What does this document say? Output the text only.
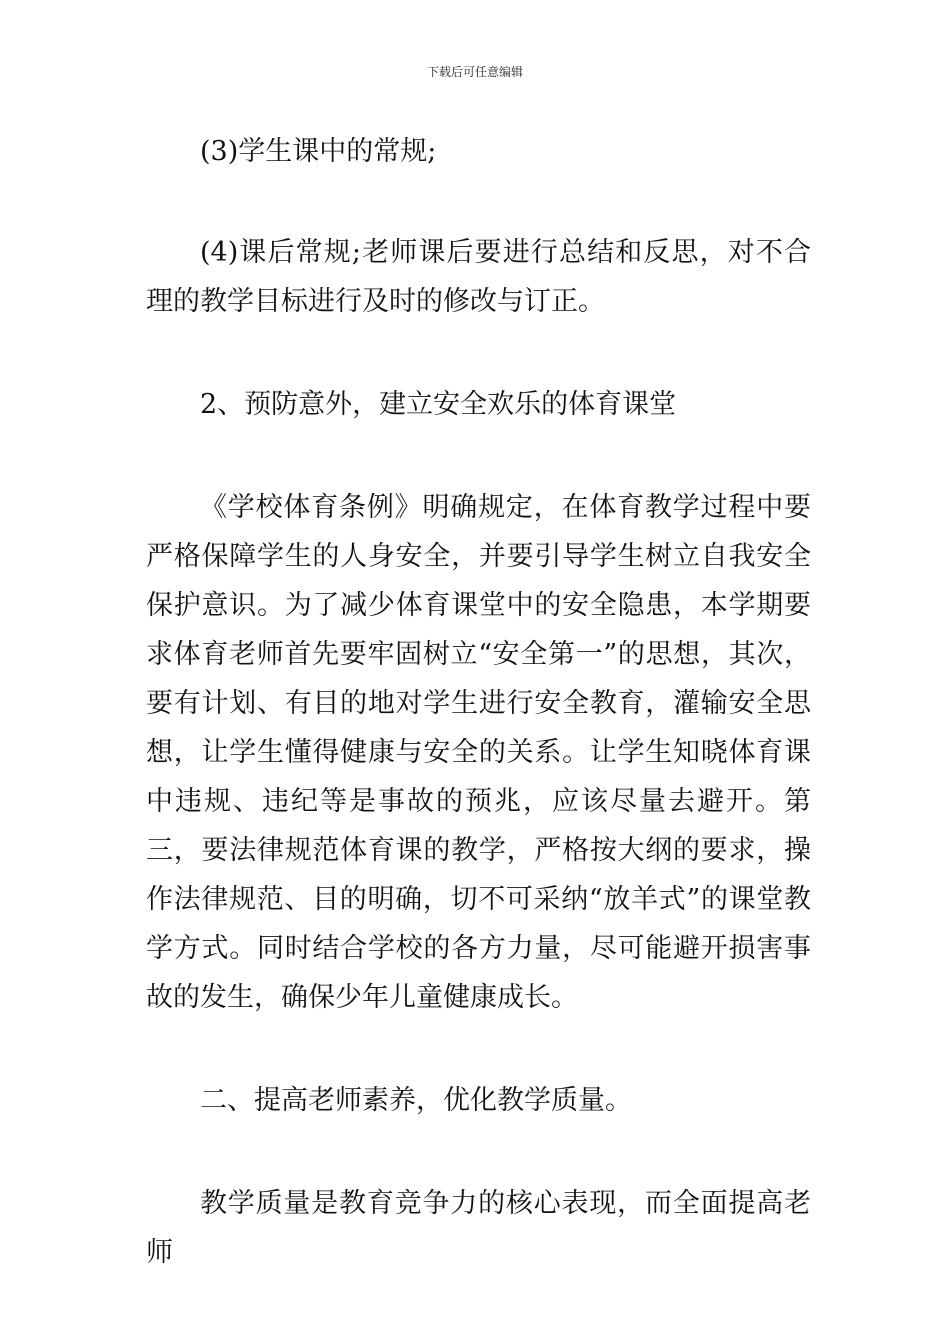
下载后可任意编辑

(3)学生课中的常规;

(4)课后常规;老师课后要进行总结和反思，对不合理的教学目标进行及时的修改与订正。

2、预防意外，建立安全欢乐的体育课堂

《学校体育条例》明确规定，在体育教学过程中要严格保障学生的人身安全，并要引导学生树立自我安全保护意识。为了减少体育课堂中的安全隐患，本学期要求体育老师首先要牢固树立“安全第一”的思想，其次，要有计划、有目的地对学生进行安全教育，灌输安全思想，让学生懂得健康与安全的关系。让学生知晓体育课中违规、违纪等是事故的预兆，应该尽量去避开。第三，要法律规范体育课的教学，严格按大纲的要求，操作法律规范、目的明确，切不可采纳“放羊式”的课堂教学方式。同时结合学校的各方力量，尽可能避开损害事故的发生，确保少年儿童健康成长。

二、提高老师素养，优化教学质量。

教学质量是教育竞争力的核心表现，而全面提高老师
